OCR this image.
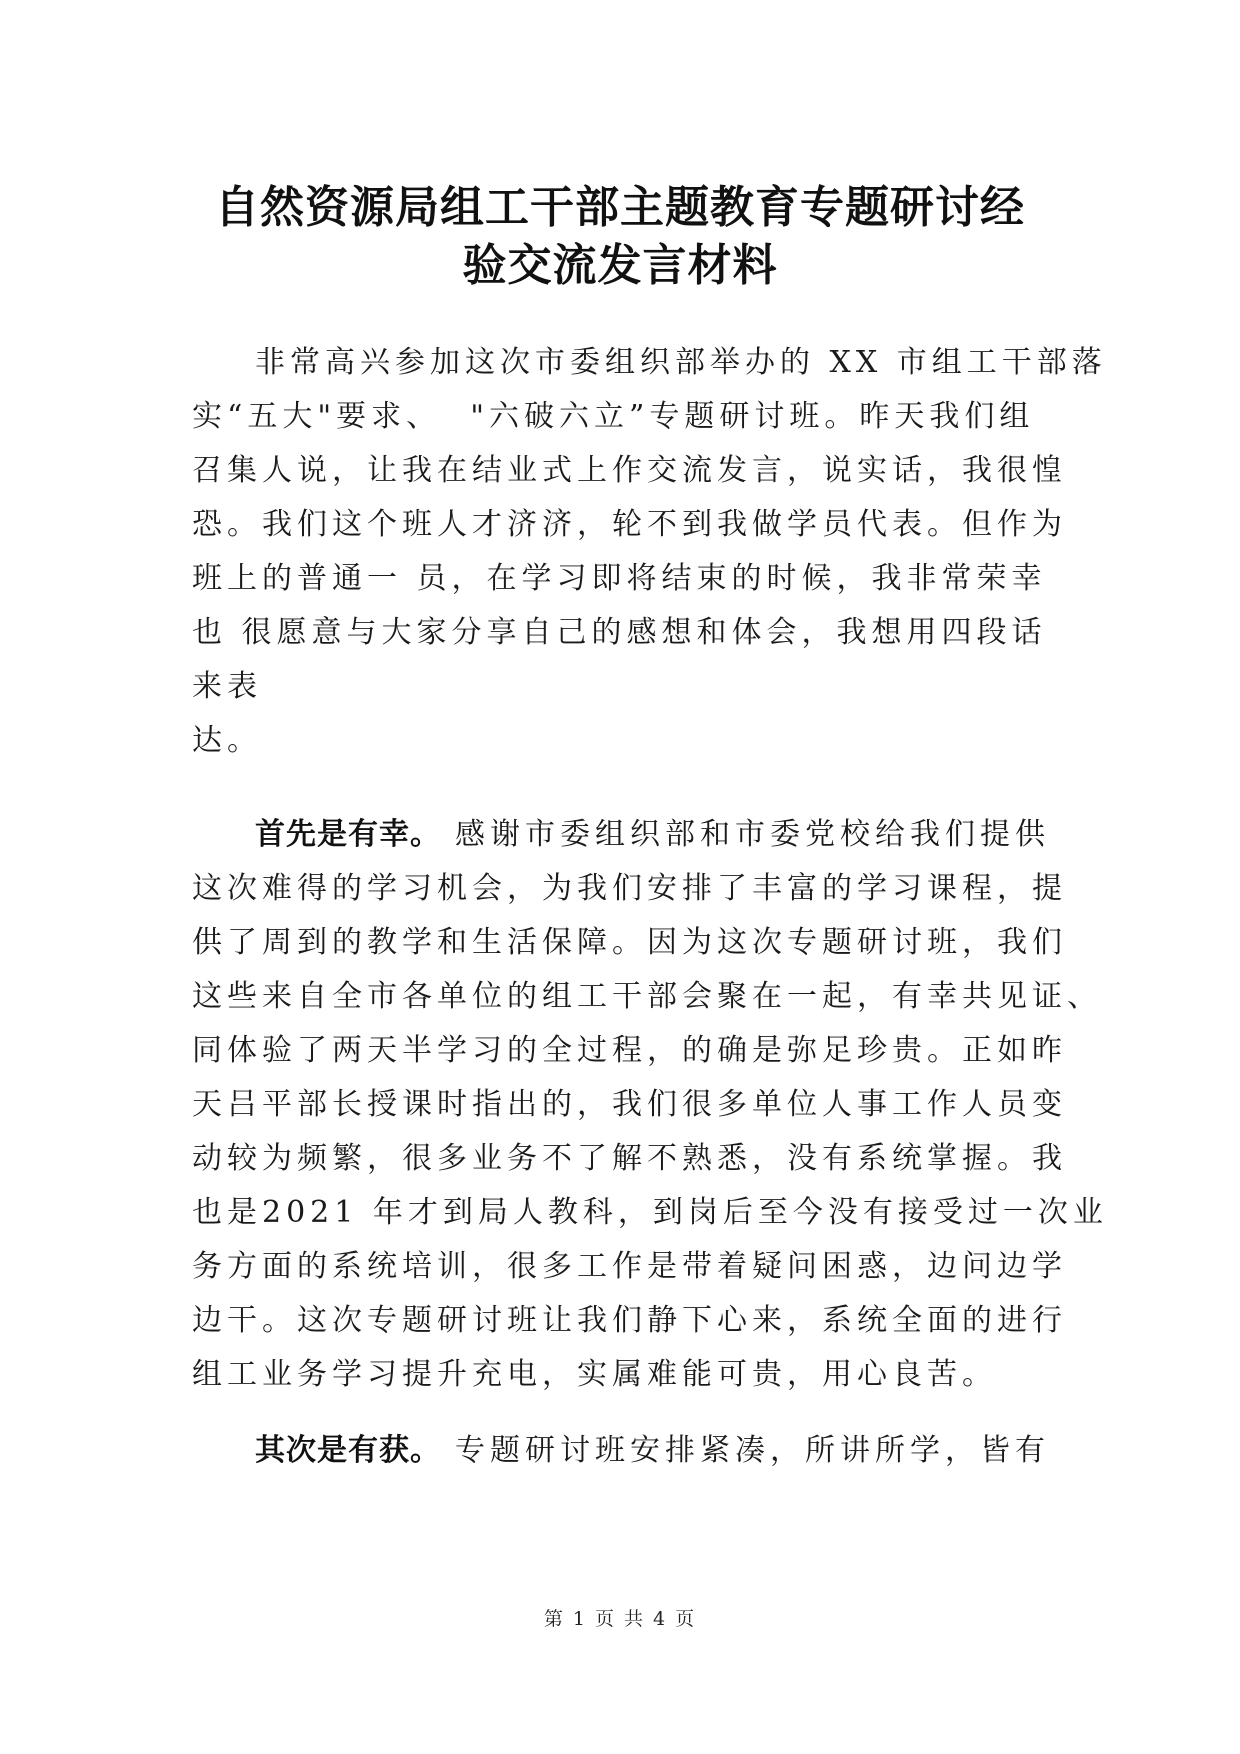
自然资源局组工干部主题教育专题研讨经
验交流发言材料

非常高兴参加这次市委组织部举办的 XX 市组工干部落

实“五大"要求、  "六破六立”专题研讨班。昨天我们组

召集人说，让我在结业式上作交流发言，说实话，我很惶

恐。我们这个班人才济济，轮不到我做学员代表。但作为

班上的普通一 员，在学习即将结束的时候，我非常荣幸

也 很愿意与大家分享自己的感想和体会，我想用四段话

来表

达。

首先是有幸。 感谢市委组织部和市委党校给我们提供

这次难得的学习机会，为我们安排了丰富的学习课程，提

供了周到的教学和生活保障。因为这次专题研讨班，我们

这些来自全市各单位的组工干部会聚在一起，有幸共见证、

同体验了两天半学习的全过程，的确是弥足珍贵。正如昨

天吕平部长授课时指出的，我们很多单位人事工作人员变

动较为频繁，很多业务不了解不熟悉，没有系统掌握。我

也是2021 年才到局人教科，到岗后至今没有接受过一次业

务方面的系统培训，很多工作是带着疑问困惑，边问边学

边干。这次专题研讨班让我们静下心来，系统全面的进行

组工业务学习提升充电，实属难能可贵，用心良苦。

其次是有获。 专题研讨班安排紧凑，所讲所学，皆有

第 1 页 共 4 页
